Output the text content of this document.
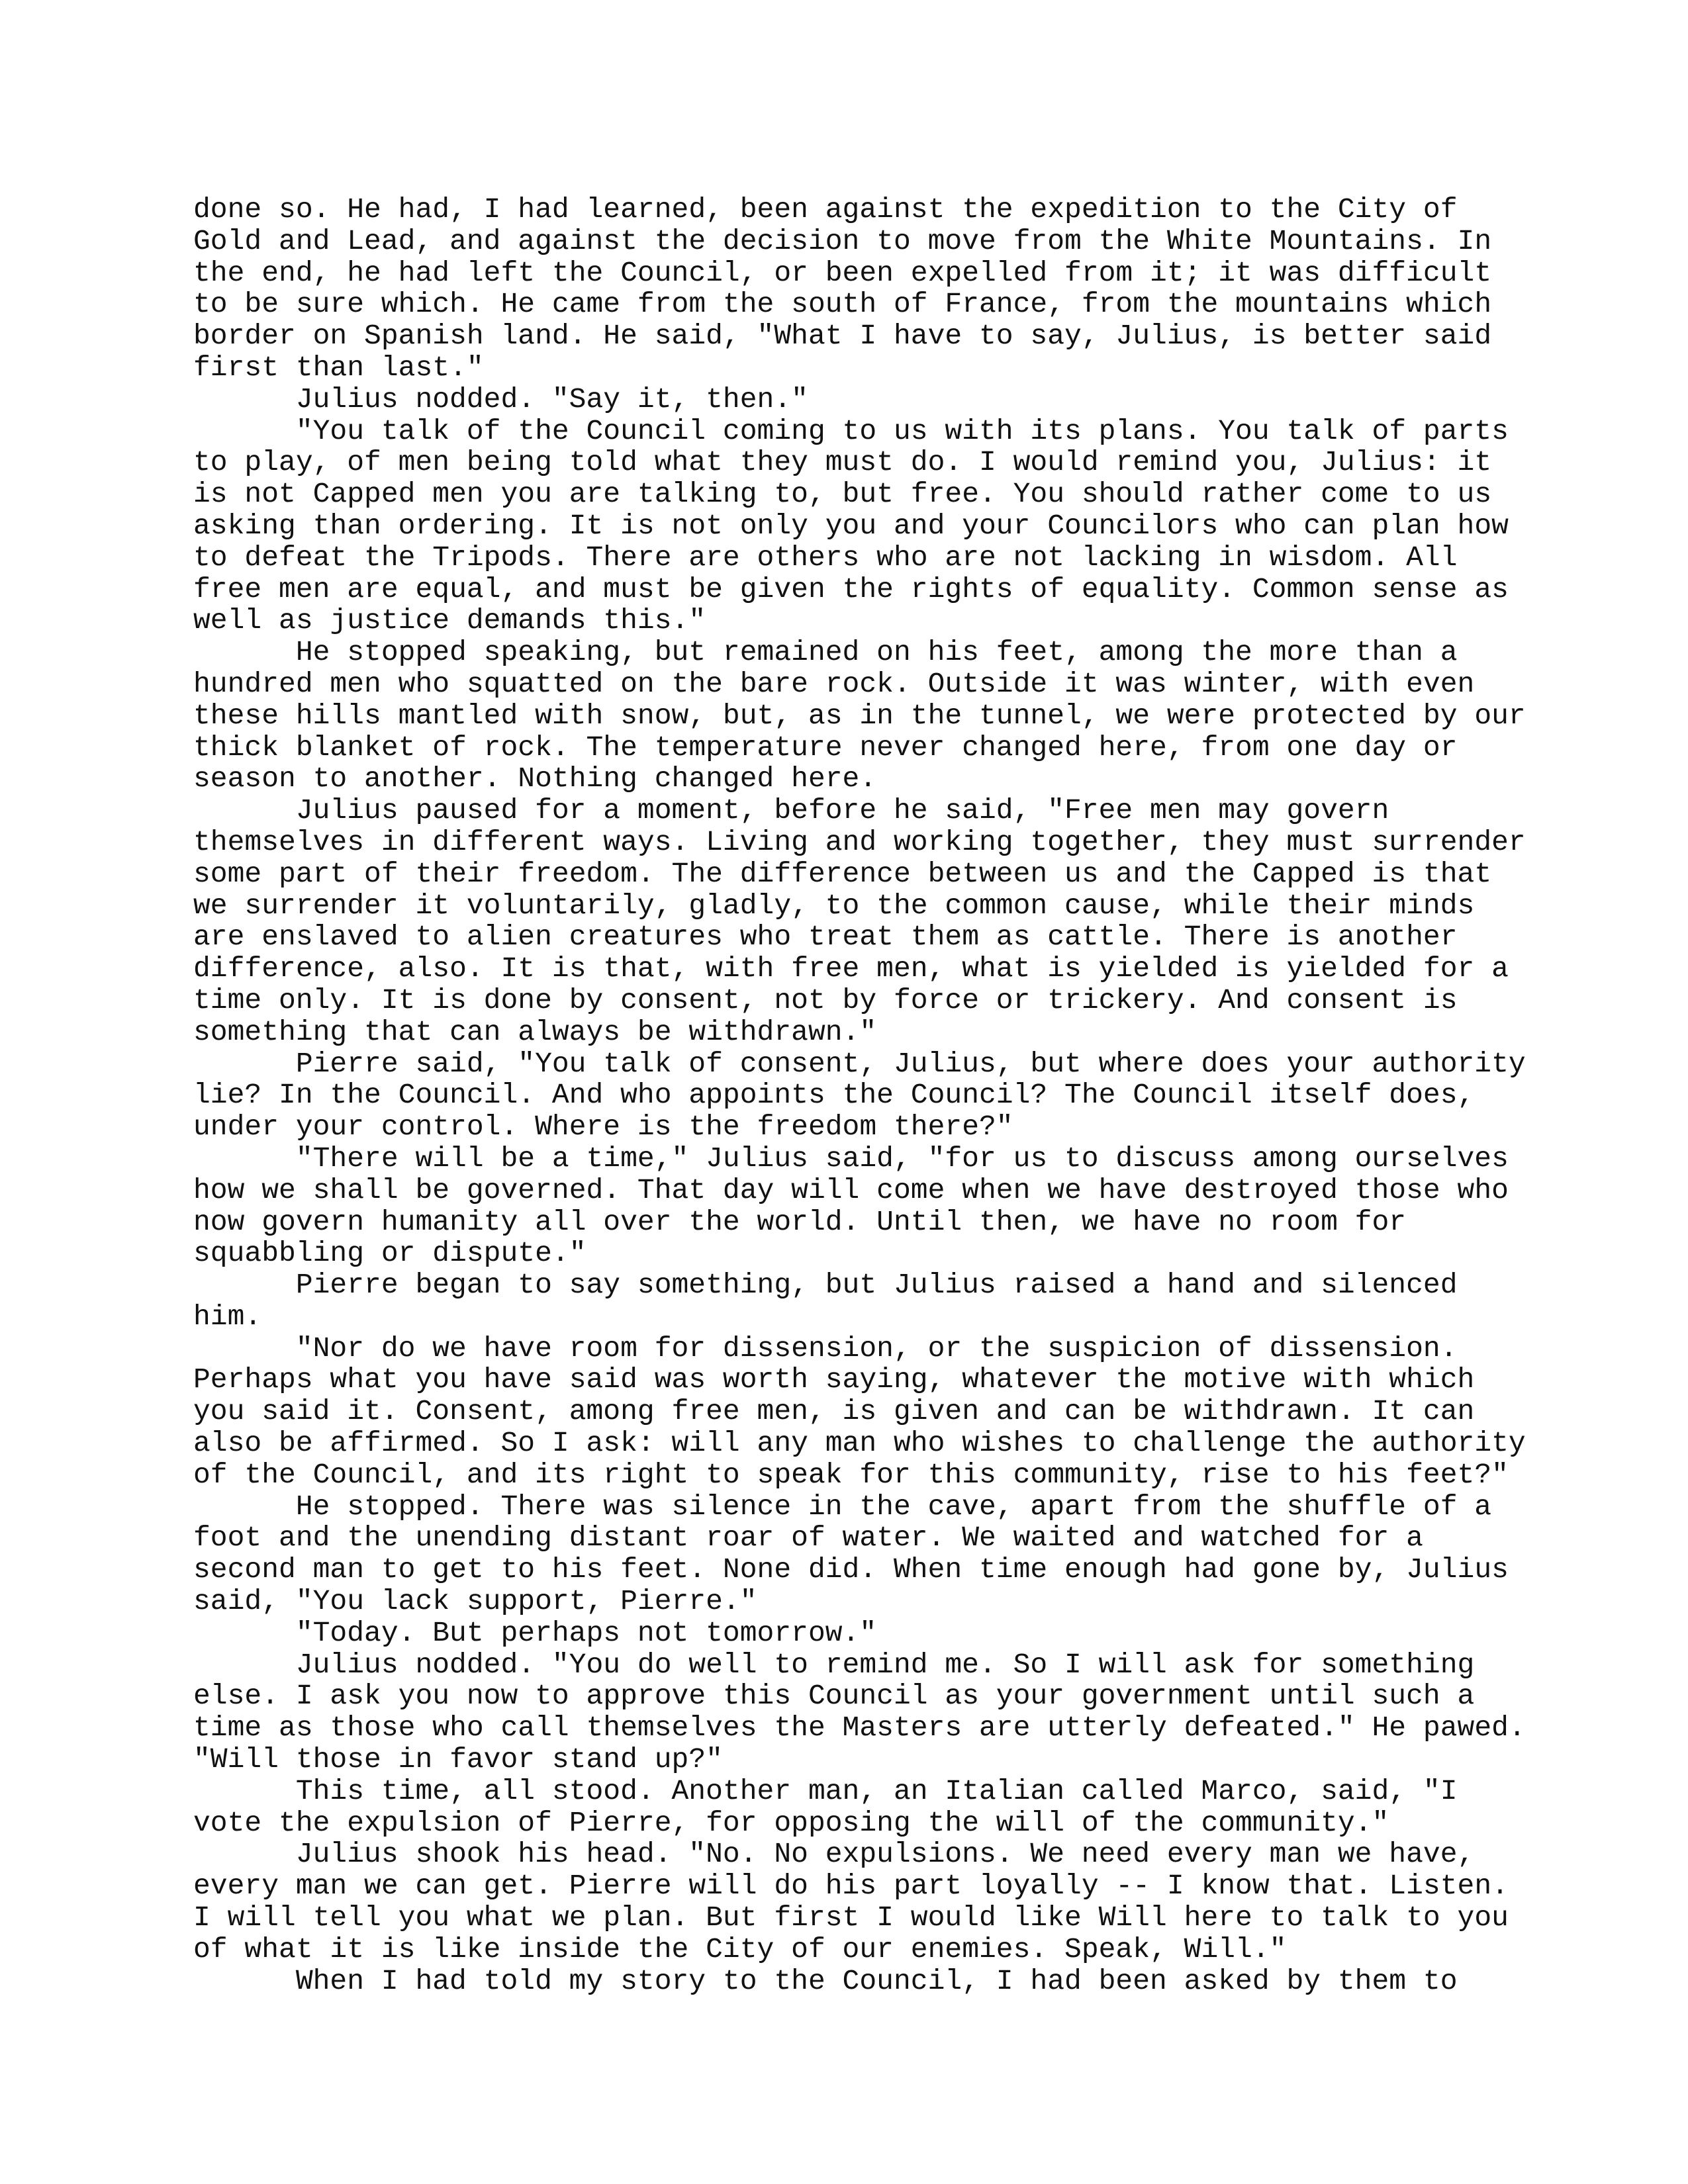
done so. He had, I had learned, been against the expedition to the City of
Gold and Lead, and against the decision to move from the White Mountains. In
the end, he had left the Council, or been expelled from it; it was difficult
to be sure which. He came from the south of France, from the mountains which
border on Spanish land. He said, "What I have to say, Julius, is better said
first than last."
Julius nodded. "Say it, then."
"You talk of the Council coming to us with its plans. You talk of parts
to play, of men being told what they must do. I would remind you, Julius: it
is not Capped men you are talking to, but free. You should rather come to us
asking than ordering. It is not only you and your Councilors who can plan how
to defeat the Tripods. There are others who are not lacking in wisdom. All
free men are equal, and must be given the rights of equality. Common sense as
well as justice demands this."
He stopped speaking, but remained on his feet, among the more than a
hundred men who squatted on the bare rock. Outside it was winter, with even
these hills mantled with snow, but, as in the tunnel, we were protected by our
thick blanket of rock. The temperature never changed here, from one day or
season to another. Nothing changed here.
Julius paused for a moment, before he said, "Free men may govern
themselves in different ways. Living and working together, they must surrender
some part of their freedom. The difference between us and the Capped is that
we surrender it voluntarily, gladly, to the common cause, while their minds
are enslaved to alien creatures who treat them as cattle. There is another
difference, also. It is that, with free men, what is yielded is yielded for a
time only. It is done by consent, not by force or trickery. And consent is
something that can always be withdrawn."
Pierre said, "You talk of consent, Julius, but where does your authority
lie? In the Council. And who appoints the Council? The Council itself does,
under your control. Where is the freedom there?"
"There will be a time," Julius said, "for us to discuss among ourselves
how we shall be governed. That day will come when we have destroyed those who
now govern humanity all over the world. Until then, we have no room for
squabbling or dispute."
Pierre began to say something, but Julius raised a hand and silenced
him.
"Nor do we have room for dissension, or the suspicion of dissension.
Perhaps what you have said was worth saying, whatever the motive with which
you said it. Consent, among free men, is given and can be withdrawn. It can
also be affirmed. So I ask: will any man who wishes to challenge the authority
of the Council, and its right to speak for this community, rise to his feet?"
He stopped. There was silence in the cave, apart from the shuffle of a
foot and the unending distant roar of water. We waited and watched for a
second man to get to his feet. None did. When time enough had gone by, Julius
said, "You lack support, Pierre."
"Today. But perhaps not tomorrow."
Julius nodded. "You do well to remind me. So I will ask for something
else. I ask you now to approve this Council as your government until such a
time as those who call themselves the Masters are utterly defeated." He pawed.
"Will those in favor stand up?"
This time, all stood. Another man, an Italian called Marco, said, "I
vote the expulsion of Pierre, for opposing the will of the community."
Julius shook his head. "No. No expulsions. We need every man we have,
every man we can get. Pierre will do his part loyally -- I know that. Listen.
I will tell you what we plan. But first I would like Will here to talk to you
of what it is like inside the City of our enemies. Speak, Will."
When I had told my story to the Council, I had been asked by them to
